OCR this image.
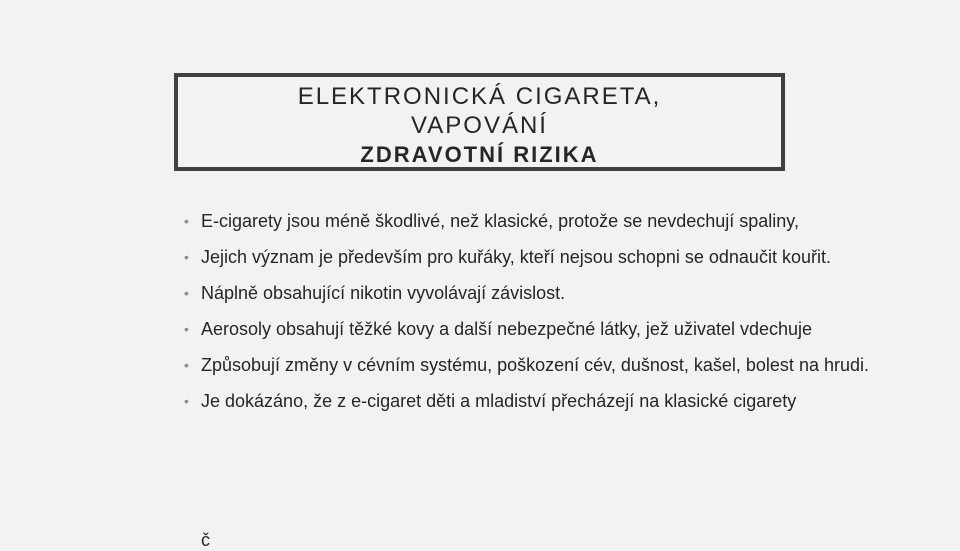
ELEKTRONICKÁ CIGARETA,
VAPOVÁNÍ
ZDRAVOTNÍ RIZIKA
• E-cigarety jsou méně škodlivé, než klasické, protože se nevdechují spaliny,
• Jejich význam je především pro kuřáky, kteří nejsou schopni se odnaučit kouřit.
• Náplně obsahující nikotin vyvolávají závislost.
• Aerosoly obsahují těžké kovy a další nebezpečné látky, jež uživatel vdechuje
• Způsobují změny v cévním systému, poškození cév, dušnost, kašel, bolest na hrudi.
• Je dokázáno, že z e-cigaret děti a mladiství přecházejí na klasické cigarety
č
